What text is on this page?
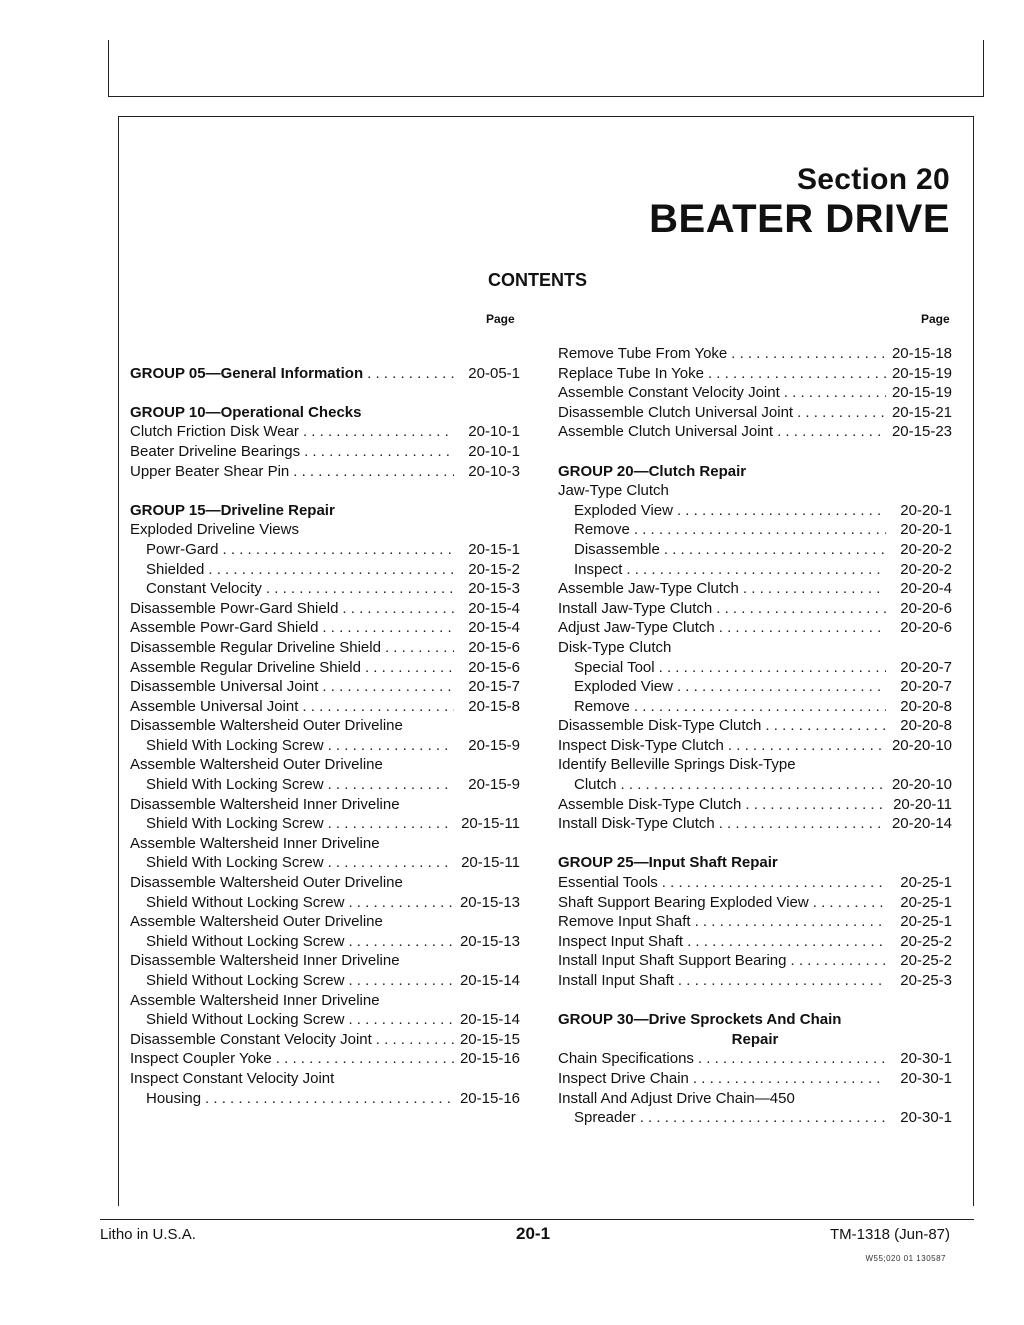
Section 20
BEATER DRIVE
CONTENTS
Page	Page
GROUP 05—General Information . . .	20-05-1
GROUP 10—Operational Checks
Clutch Friction Disk Wear . . .	20-10-1
Beater Driveline Bearings . . .	20-10-1
Upper Beater Shear Pin . . .	20-10-3
GROUP 15—Driveline Repair
Exploded Driveline Views
Powr-Gard . . .	20-15-1
Shielded . . .	20-15-2
Constant Velocity . . .	20-15-3
Disassemble Powr-Gard Shield . . .	20-15-4
Assemble Powr-Gard Shield . . .	20-15-4
Disassemble Regular Driveline Shield . . .	20-15-6
Assemble Regular Driveline Shield . . .	20-15-6
Disassemble Universal Joint . . .	20-15-7
Assemble Universal Joint . . .	20-15-8
Disassemble Waltersheid Outer Driveline
Shield With Locking Screw . . .	20-15-9
Assemble Waltersheid Outer Driveline
Shield With Locking Screw . . .	20-15-9
Disassemble Waltersheid Inner Driveline
Shield With Locking Screw . . .	20-15-11
Assemble Waltersheid Inner Driveline
Shield With Locking Screw . . .	20-15-11
Disassemble Waltersheid Outer Driveline
Shield Without Locking Screw . . .	20-15-13
Assemble Waltersheid Outer Driveline
Shield Without Locking Screw . . .	20-15-13
Disassemble Waltersheid Inner Driveline
Shield Without Locking Screw . . .	20-15-14
Assemble Waltersheid Inner Driveline
Shield Without Locking Screw . . .	20-15-14
Disassemble Constant Velocity Joint . . .	20-15-15
Inspect Coupler Yoke . . .	20-15-16
Inspect Constant Velocity Joint
Housing . . .	20-15-16
Remove Tube From Yoke . . .	20-15-18
Replace Tube In Yoke . . .	20-15-19
Assemble Constant Velocity Joint . . .	20-15-19
Disassemble Clutch Universal Joint . . .	20-15-21
Assemble Clutch Universal Joint . . .	20-15-23
GROUP 20—Clutch Repair
Jaw-Type Clutch
Exploded View . . .	20-20-1
Remove . . .	20-20-1
Disassemble . . .	20-20-2
Inspect . . .	20-20-2
Assemble Jaw-Type Clutch . . .	20-20-4
Install Jaw-Type Clutch . . .	20-20-6
Adjust Jaw-Type Clutch . . .	20-20-6
Disk-Type Clutch
Special Tool . . .	20-20-7
Exploded View . . .	20-20-7
Remove . . .	20-20-8
Disassemble Disk-Type Clutch . . .	20-20-8
Inspect Disk-Type Clutch . . .	20-20-10
Identify Belleville Springs Disk-Type
Clutch . . .	20-20-10
Assemble Disk-Type Clutch . . .	20-20-11
Install Disk-Type Clutch . . .	20-20-14
GROUP 25—Input Shaft Repair
Essential Tools . . .	20-25-1
Shaft Support Bearing Exploded View . . .	20-25-1
Remove Input Shaft . . .	20-25-1
Inspect Input Shaft . . .	20-25-2
Install Input Shaft Support Bearing . . .	20-25-2
Install Input Shaft . . .	20-25-3
GROUP 30—Drive Sprockets And Chain
Repair
Chain Specifications . . .	20-30-1
Inspect Drive Chain . . .	20-30-1
Install And Adjust Drive Chain—450
Spreader . . .	20-30-1
Litho in U.S.A.	20-1	TM-1318 (Jun-87)
W55;020 01 130587
